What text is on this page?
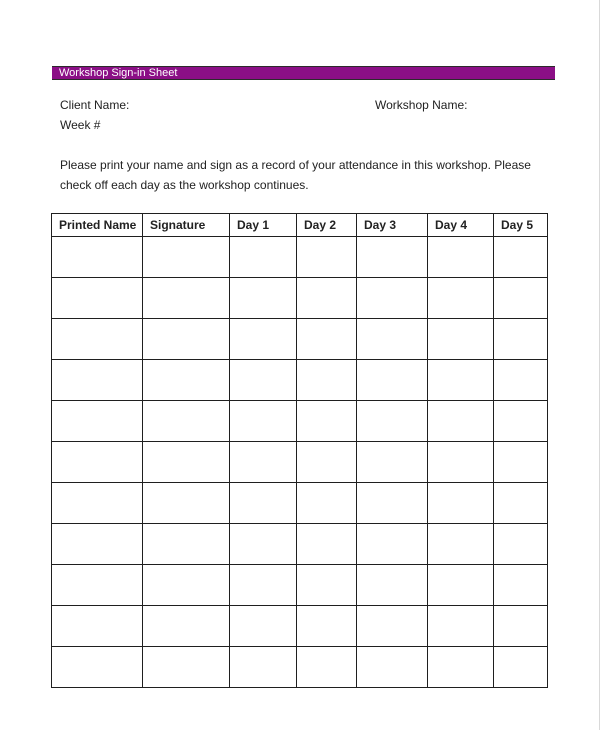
Workshop Sign-in Sheet
Client Name:	Workshop Name:
Week #
Please print your name and sign as a record of your attendance in this workshop. Please check off each day as the workshop continues.
Printed Name	Signature	Day 1	Day 2	Day 3	Day 4	Day 5
